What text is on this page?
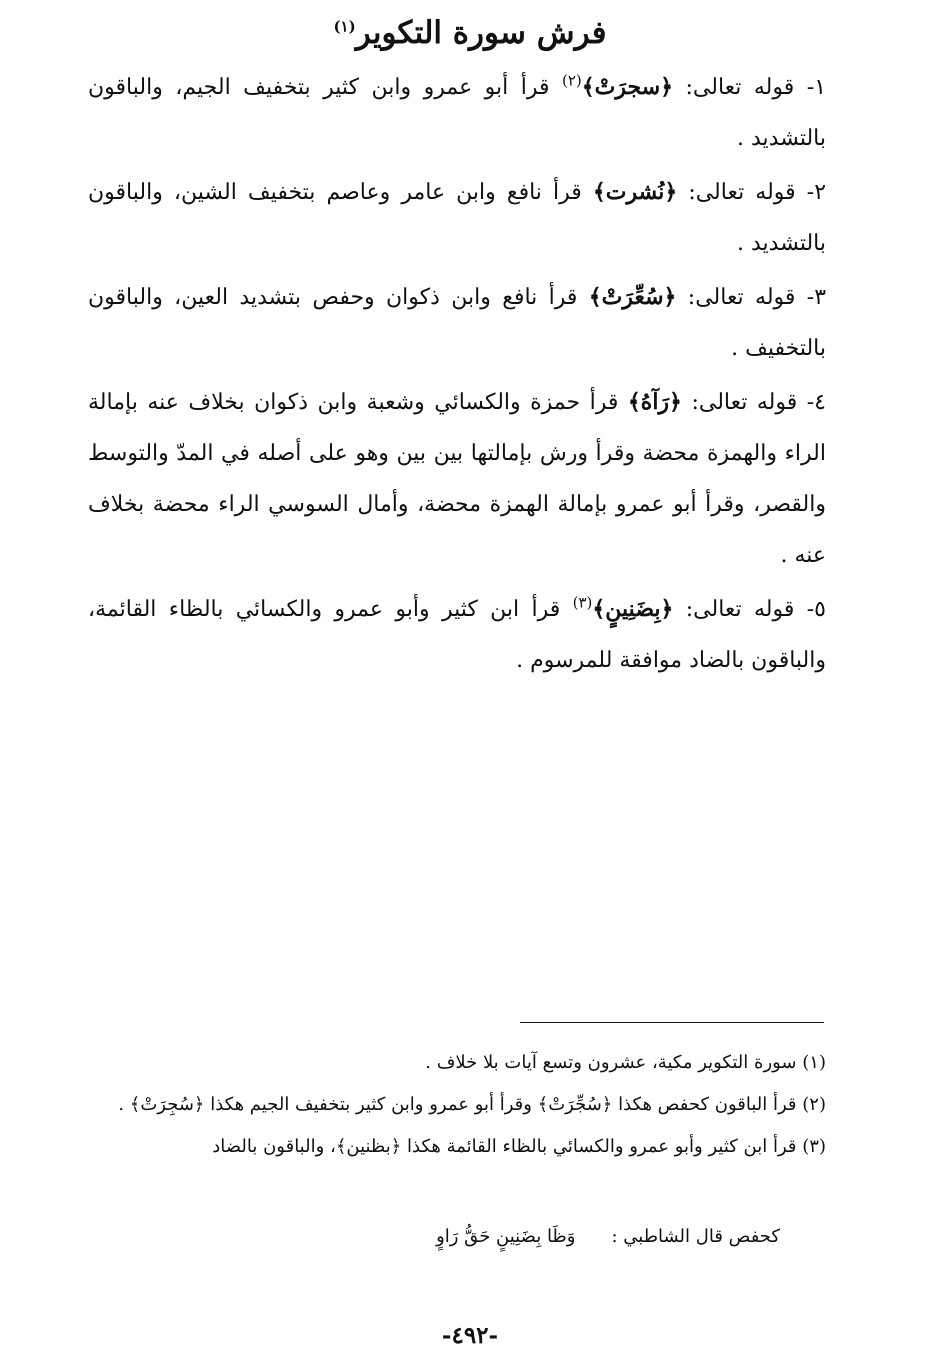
فرش سورة التكوير$^{(١)}$

١- قوله تعالى: ﴿سجرَتْ﴾$^{(٢)}$ قرأ أبو عمرو وابن كثير بتخفيف الجيم، والباقون بالتشديد .

٢- قوله تعالى: ﴿نُشرت﴾ قرأ نافع وابن عامر وعاصم بتخفيف الشين، والباقون بالتشديد .

٣- قوله تعالى: ﴿سُعِّرَتْ﴾ قرأ نافع وابن ذكوان وحفص بتشديد العين، والباقون بالتخفيف .

٤- قوله تعالى: ﴿رَآهُ﴾ قرأ حمزة والكسائي وشعبة وابن ذكوان بخلاف عنه بإمالة الراء والهمزة محضة وقرأ ورش بإمالتها بين بين وهو على أصله في المدّ والتوسط والقصر، وقرأ أبو عمرو بإمالة الهمزة محضة، وأمال السوسي الراء محضة بخلاف عنه .

٥- قوله تعالى: ﴿بِضَنِينٍ﴾$^{(٣)}$ قرأ ابن كثير وأبو عمرو والكسائي بالظاء القائمة، والباقون بالضاد موافقة للمرسوم .

(١) سورة التكوير مكية، عشرون وتسع آيات بلا خلاف .

(٢) قرأ الباقون كحفص هكذا ﴿سُجِّرَتْ﴾ وقرأ أبو عمرو وابن كثير بتخفيف الجيم هكذا ﴿سُجِرَتْ﴾ .

(٣) قرأ ابن كثير وأبو عمرو والكسائي بالظاء القائمة هكذا ﴿بظنين﴾، والباقون بالضاد

كحفص قال الشاطبي :وَظَا بِضَنِينٍ حَقُّ رَاوٍ
-٤٩٢-
